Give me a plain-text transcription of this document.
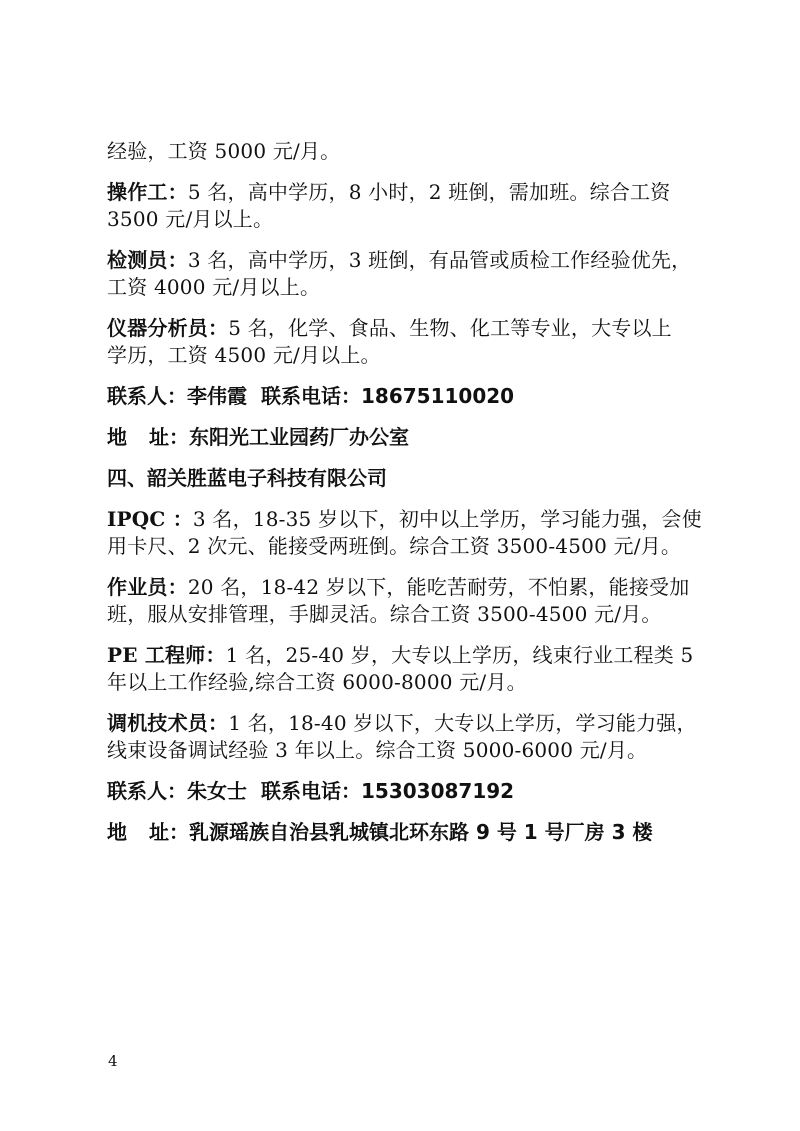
经验，工资 5000 元/月。

操作工：5 名，高中学历，8 小时，2 班倒，需加班。综合工资

3500 元/月以上。

检测员：3 名，高中学历，3 班倒，有品管或质检工作经验优先，

工资 4000 元/月以上。

仪器分析员：5 名，化学、食品、生物、化工等专业，大专以上

学历，工资 4500 元/月以上。

联系人：李伟霞 联系电话：18675110020

地 址：东阳光工业园药厂办公室

四、韶关胜蓝电子科技有限公司

IPQC ：3 名，18-35 岁以下，初中以上学历，学习能力强，会使

用卡尺、2 次元、能接受两班倒。综合工资 3500-4500 元/月。

作业员：20 名，18-42 岁以下，能吃苦耐劳，不怕累，能接受加

班，服从安排管理，手脚灵活。综合工资 3500-4500 元/月。

PE 工程师：1 名，25-40 岁，大专以上学历，线束行业工程类 5

年以上工作经验,综合工资 6000-8000 元/月。

调机技术员：1 名，18-40 岁以下，大专以上学历，学习能力强，

线束设备调试经验 3 年以上。综合工资 5000-6000 元/月。

联系人：朱女士 联系电话：15303087192

地 址：乳源瑶族自治县乳城镇北环东路 9 号 1 号厂房 3 楼

4
